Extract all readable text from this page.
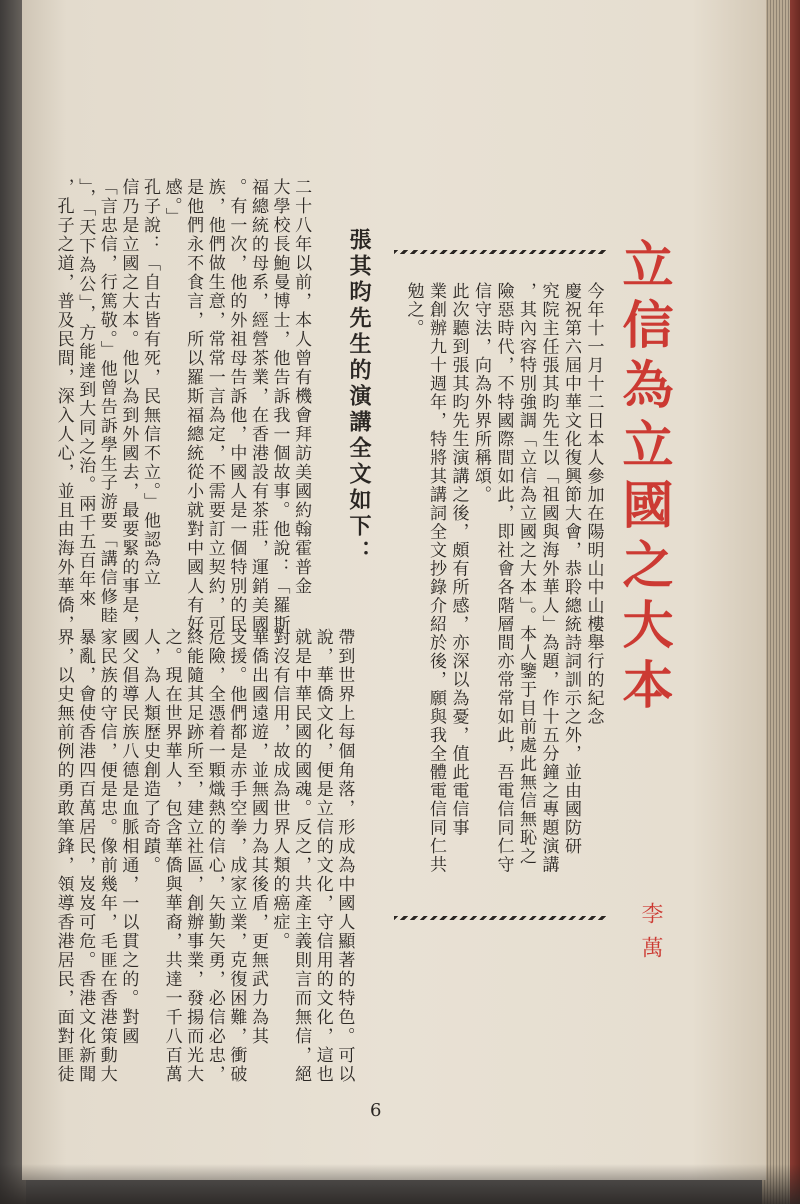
立信為立國之大本
李萬
今年十一月十二日本人參加在陽明山中山樓舉行的紀念
慶祝第六屆中華文化復興節大會，恭聆總統詩詞訓示之外，並由國防研
究院主任張其昀先生以「祖國與海外華人」為題，作十五分鐘之專題演講
，其內容特別強調「立信為立國之大本」。本人鑒于目前處此無信無恥之
險惡時代，不特國際間如此，即社會各階層間亦常常如此，吾電信同仁守
信守法，向為外界所稱頌。
此次聽到張其昀先生演講之後，頗有所感，亦深以為憂，值此電信事
業創辦九十週年，特將其講詞全文抄錄介紹於後，願與我全體電信同仁共
勉之。
張其昀先生的演講全文如下：
二十八年以前，本人曾有機會拜訪美國約翰霍普金
大學校長鮑曼博士，他告訴我一個故事。他說：「羅斯
福總統的母系，經營茶業，在香港設有茶莊，運銷美國
。有一次，他的外祖母告訴他，中國人是一個特別的民
族，他們做生意，常常一言為定，不需要訂立契約，可
是他們永不食言，所以羅斯福總統從小就對中國人有好
感。」
孔子說：「自古皆有死，民無信不立。」他認為立
信乃是立國之大本。他以為到外國去，最要緊的事是，
「言忠信，行篤敬。」他曾告訴學生子游要「講信修睦
」，「天下為公」，方能達到大同之治。兩千五百年來
，孔子之道，普及民間，深入人心，並且由海外華僑，
帶到世界上每個角落，形成為中國人顯著的特色。可以
說，華僑文化，便是立信的文化，守信用的文化，這也
就是中華民國的國魂。反之，共產主義則言而無信，絕
對沒有信用，故成為世界人類的癌症。
華僑出國遠遊，並無國力為其後盾，更無武力為其
支援。他們都是赤手空拳，成家立業，克復困難，衝破
危險，全憑着一顆熾熱的信心，矢勤矢勇，必信必忠，
終能隨其足跡所至，建立社區，創辦事業，發揚而光大
之。現在世界華人，包含華僑與華裔，共達一千八百萬
人，為人類歷史創造了奇蹟。
國父倡導民族八德是血脈相通，一以貫之的。對國
家民族的守信，便是忠。像前幾年，毛匪在香港策動大
暴亂，會使香港四百萬居民，岌岌可危。香港文化新聞
界，以史無前例的勇敢筆鋒，領導香港居民，面對匪徒
6
